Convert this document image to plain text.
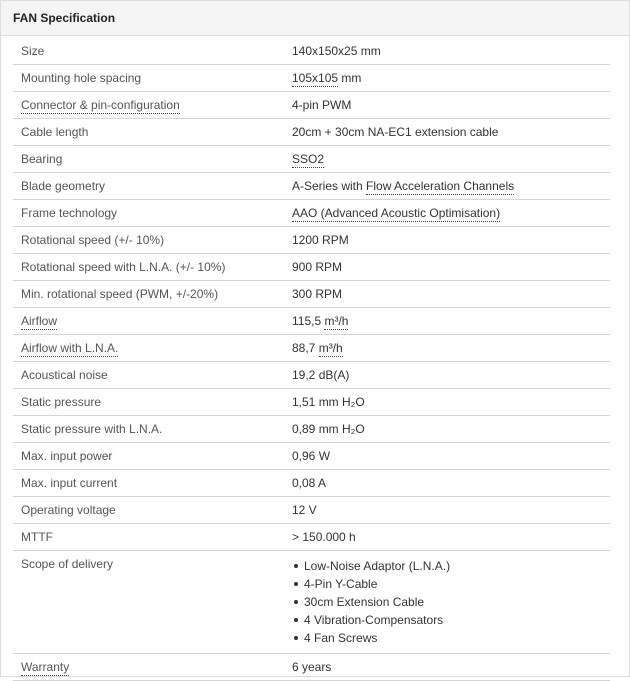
FAN Specification
Size	140x150x25 mm
Mounting hole spacing	105x105 mm
Connector & pin-configuration	4-pin PWM
Cable length	20cm + 30cm NA-EC1 extension cable
Bearing	SSO2
Blade geometry	A-Series with Flow Acceleration Channels
Frame technology	AAO (Advanced Acoustic Optimisation)
Rotational speed (+/- 10%)	1200 RPM
Rotational speed with L.N.A. (+/- 10%)	900 RPM
Min. rotational speed (PWM, +/-20%)	300 RPM
Airflow	115,5 m³/h
Airflow with L.N.A.	88,7 m³/h
Acoustical noise	19,2 dB(A)
Static pressure	1,51 mm H₂O
Static pressure with L.N.A.	0,89 mm H₂O
Max. input power	0,96 W
Max. input current	0,08 A
Operating voltage	12 V
MTTF	> 150.000 h
Scope of delivery	Low-Noise Adaptor (L.N.A.)
4-Pin Y-Cable
30cm Extension Cable
4 Vibration-Compensators
4 Fan Screws
Warranty	6 years
